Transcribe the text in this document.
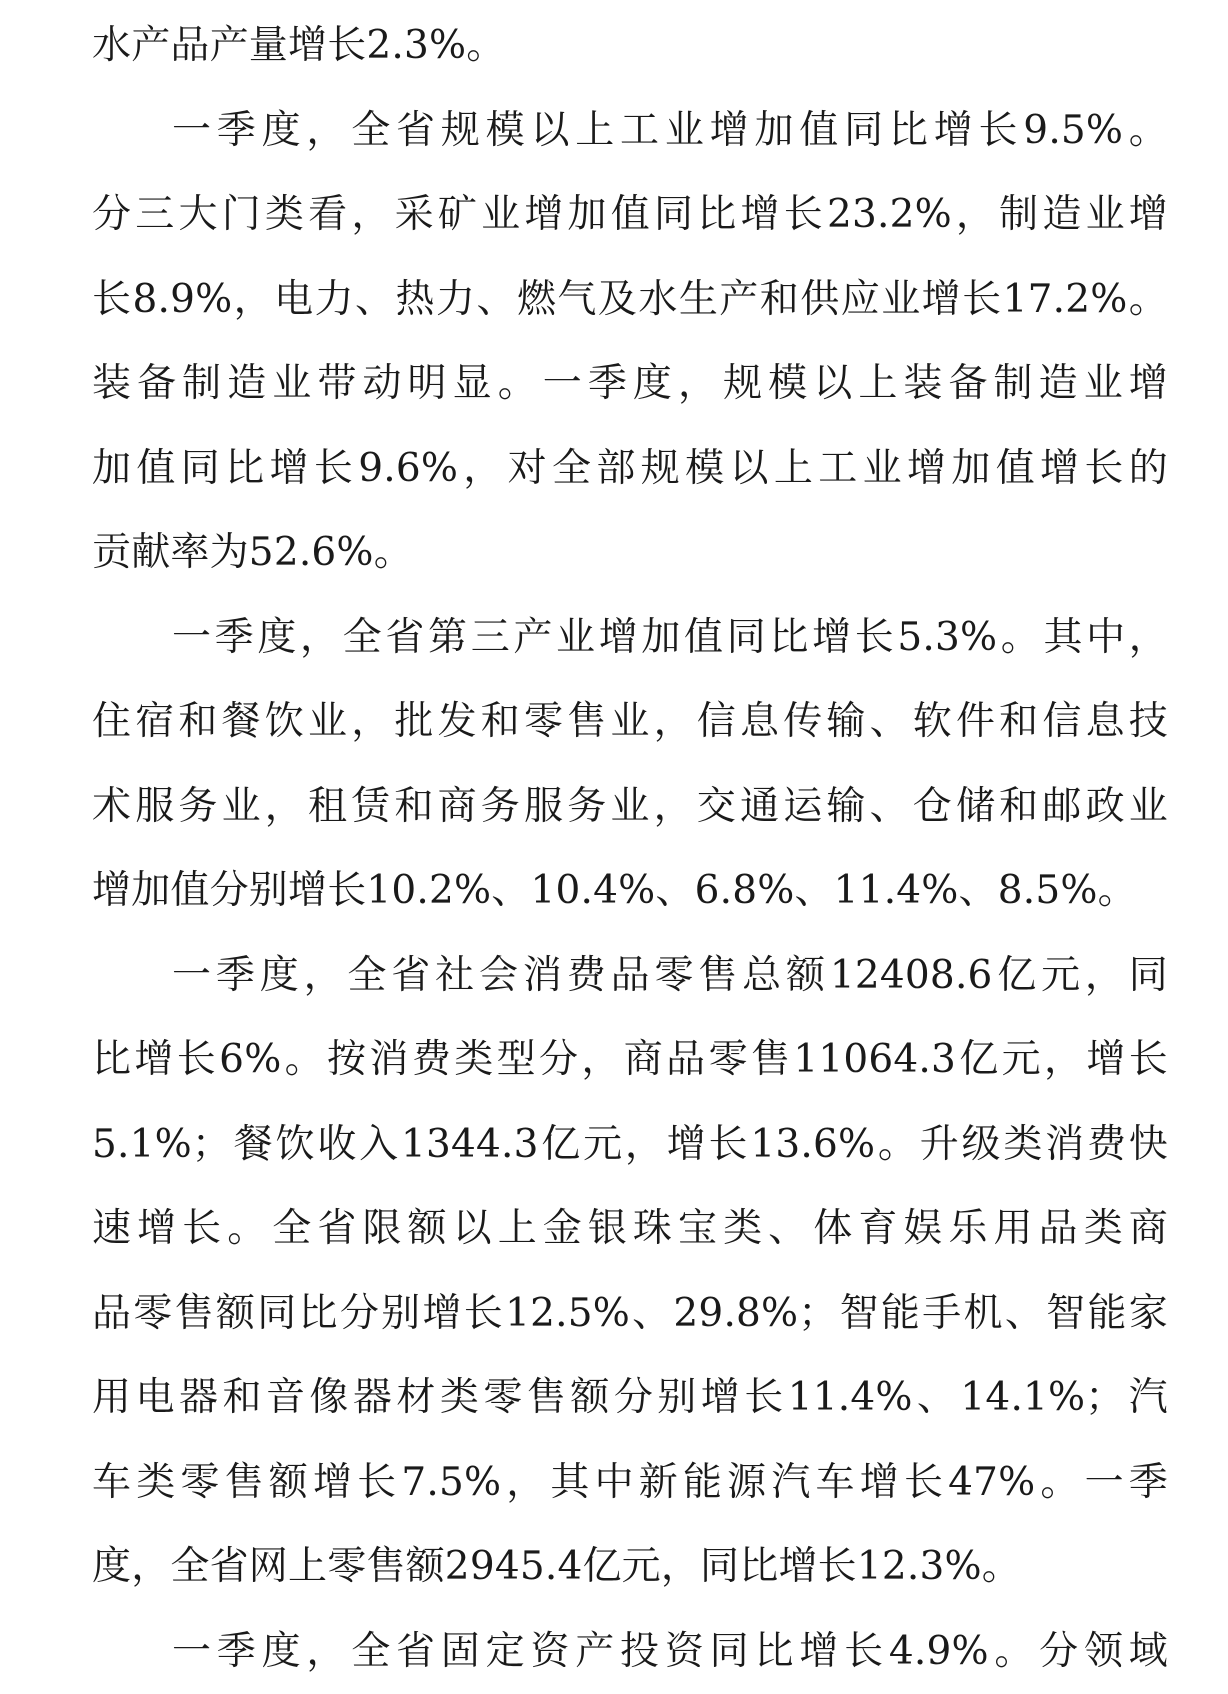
水产品产量增长2.3%。
一季度，全省规模以上工业增加值同比增长9.5%。
分三大门类看，采矿业增加值同比增长23.2%，制造业增
长8.9%，电力、热力、燃气及水生产和供应业增长17.2%。
装备制造业带动明显。一季度，规模以上装备制造业增
加值同比增长9.6%，对全部规模以上工业增加值增长的
贡献率为52.6%。
一季度，全省第三产业增加值同比增长5.3%。其中，
住宿和餐饮业，批发和零售业，信息传输、软件和信息技
术服务业，租赁和商务服务业，交通运输、仓储和邮政业
增加值分别增长10.2%、10.4%、6.8%、11.4%、8.5%。
一季度，全省社会消费品零售总额12408.6亿元，同
比增长6%。按消费类型分，商品零售11064.3亿元，增长
5.1%；餐饮收入1344.3亿元，增长13.6%。升级类消费快
速增长。全省限额以上金银珠宝类、体育娱乐用品类商
品零售额同比分别增长12.5%、29.8%；智能手机、智能家
用电器和音像器材类零售额分别增长11.4%、14.1%；汽
车类零售额增长7.5%，其中新能源汽车增长47%。一季
度，全省网上零售额2945.4亿元，同比增长12.3%。
一季度，全省固定资产投资同比增长4.9%。分领域
